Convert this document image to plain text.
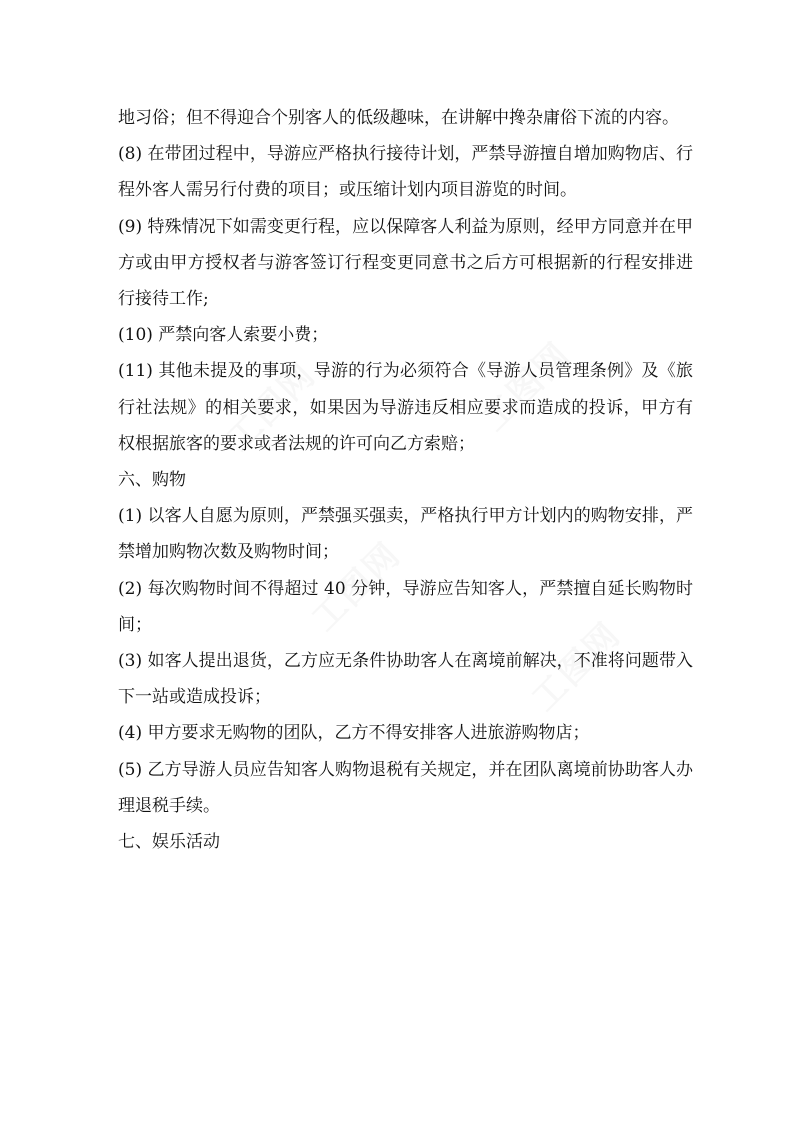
工图网	工图网
工图网
工图网

地习俗；但不得迎合个别客人的低级趣味，在讲解中搀杂庸俗下流的内容。

(8) 在带团过程中，导游应严格执行接待计划，严禁导游擅自增加购物店、行程外客人需另行付费的项目；或压缩计划内项目游览的时间。

(9) 特殊情况下如需变更行程，应以保障客人利益为原则，经甲方同意并在甲方或由甲方授权者与游客签订行程变更同意书之后方可根据新的行程安排进行接待工作;

(10) 严禁向客人索要小费；

(11) 其他未提及的事项，导游的行为必须符合《导游人员管理条例》及《旅行社法规》的相关要求，如果因为导游违反相应要求而造成的投诉，甲方有权根据旅客的要求或者法规的许可向乙方索赔；

六、购物

(1) 以客人自愿为原则，严禁强买强卖，严格执行甲方计划内的购物安排，严禁增加购物次数及购物时间；

(2) 每次购物时间不得超过 40 分钟，导游应告知客人，严禁擅自延长购物时间；

(3) 如客人提出退货，乙方应无条件协助客人在离境前解决，不准将问题带入下一站或造成投诉；

(4) 甲方要求无购物的团队，乙方不得安排客人进旅游购物店；

(5) 乙方导游人员应告知客人购物退税有关规定，并在团队离境前协助客人办理退税手续。

七、娱乐活动
